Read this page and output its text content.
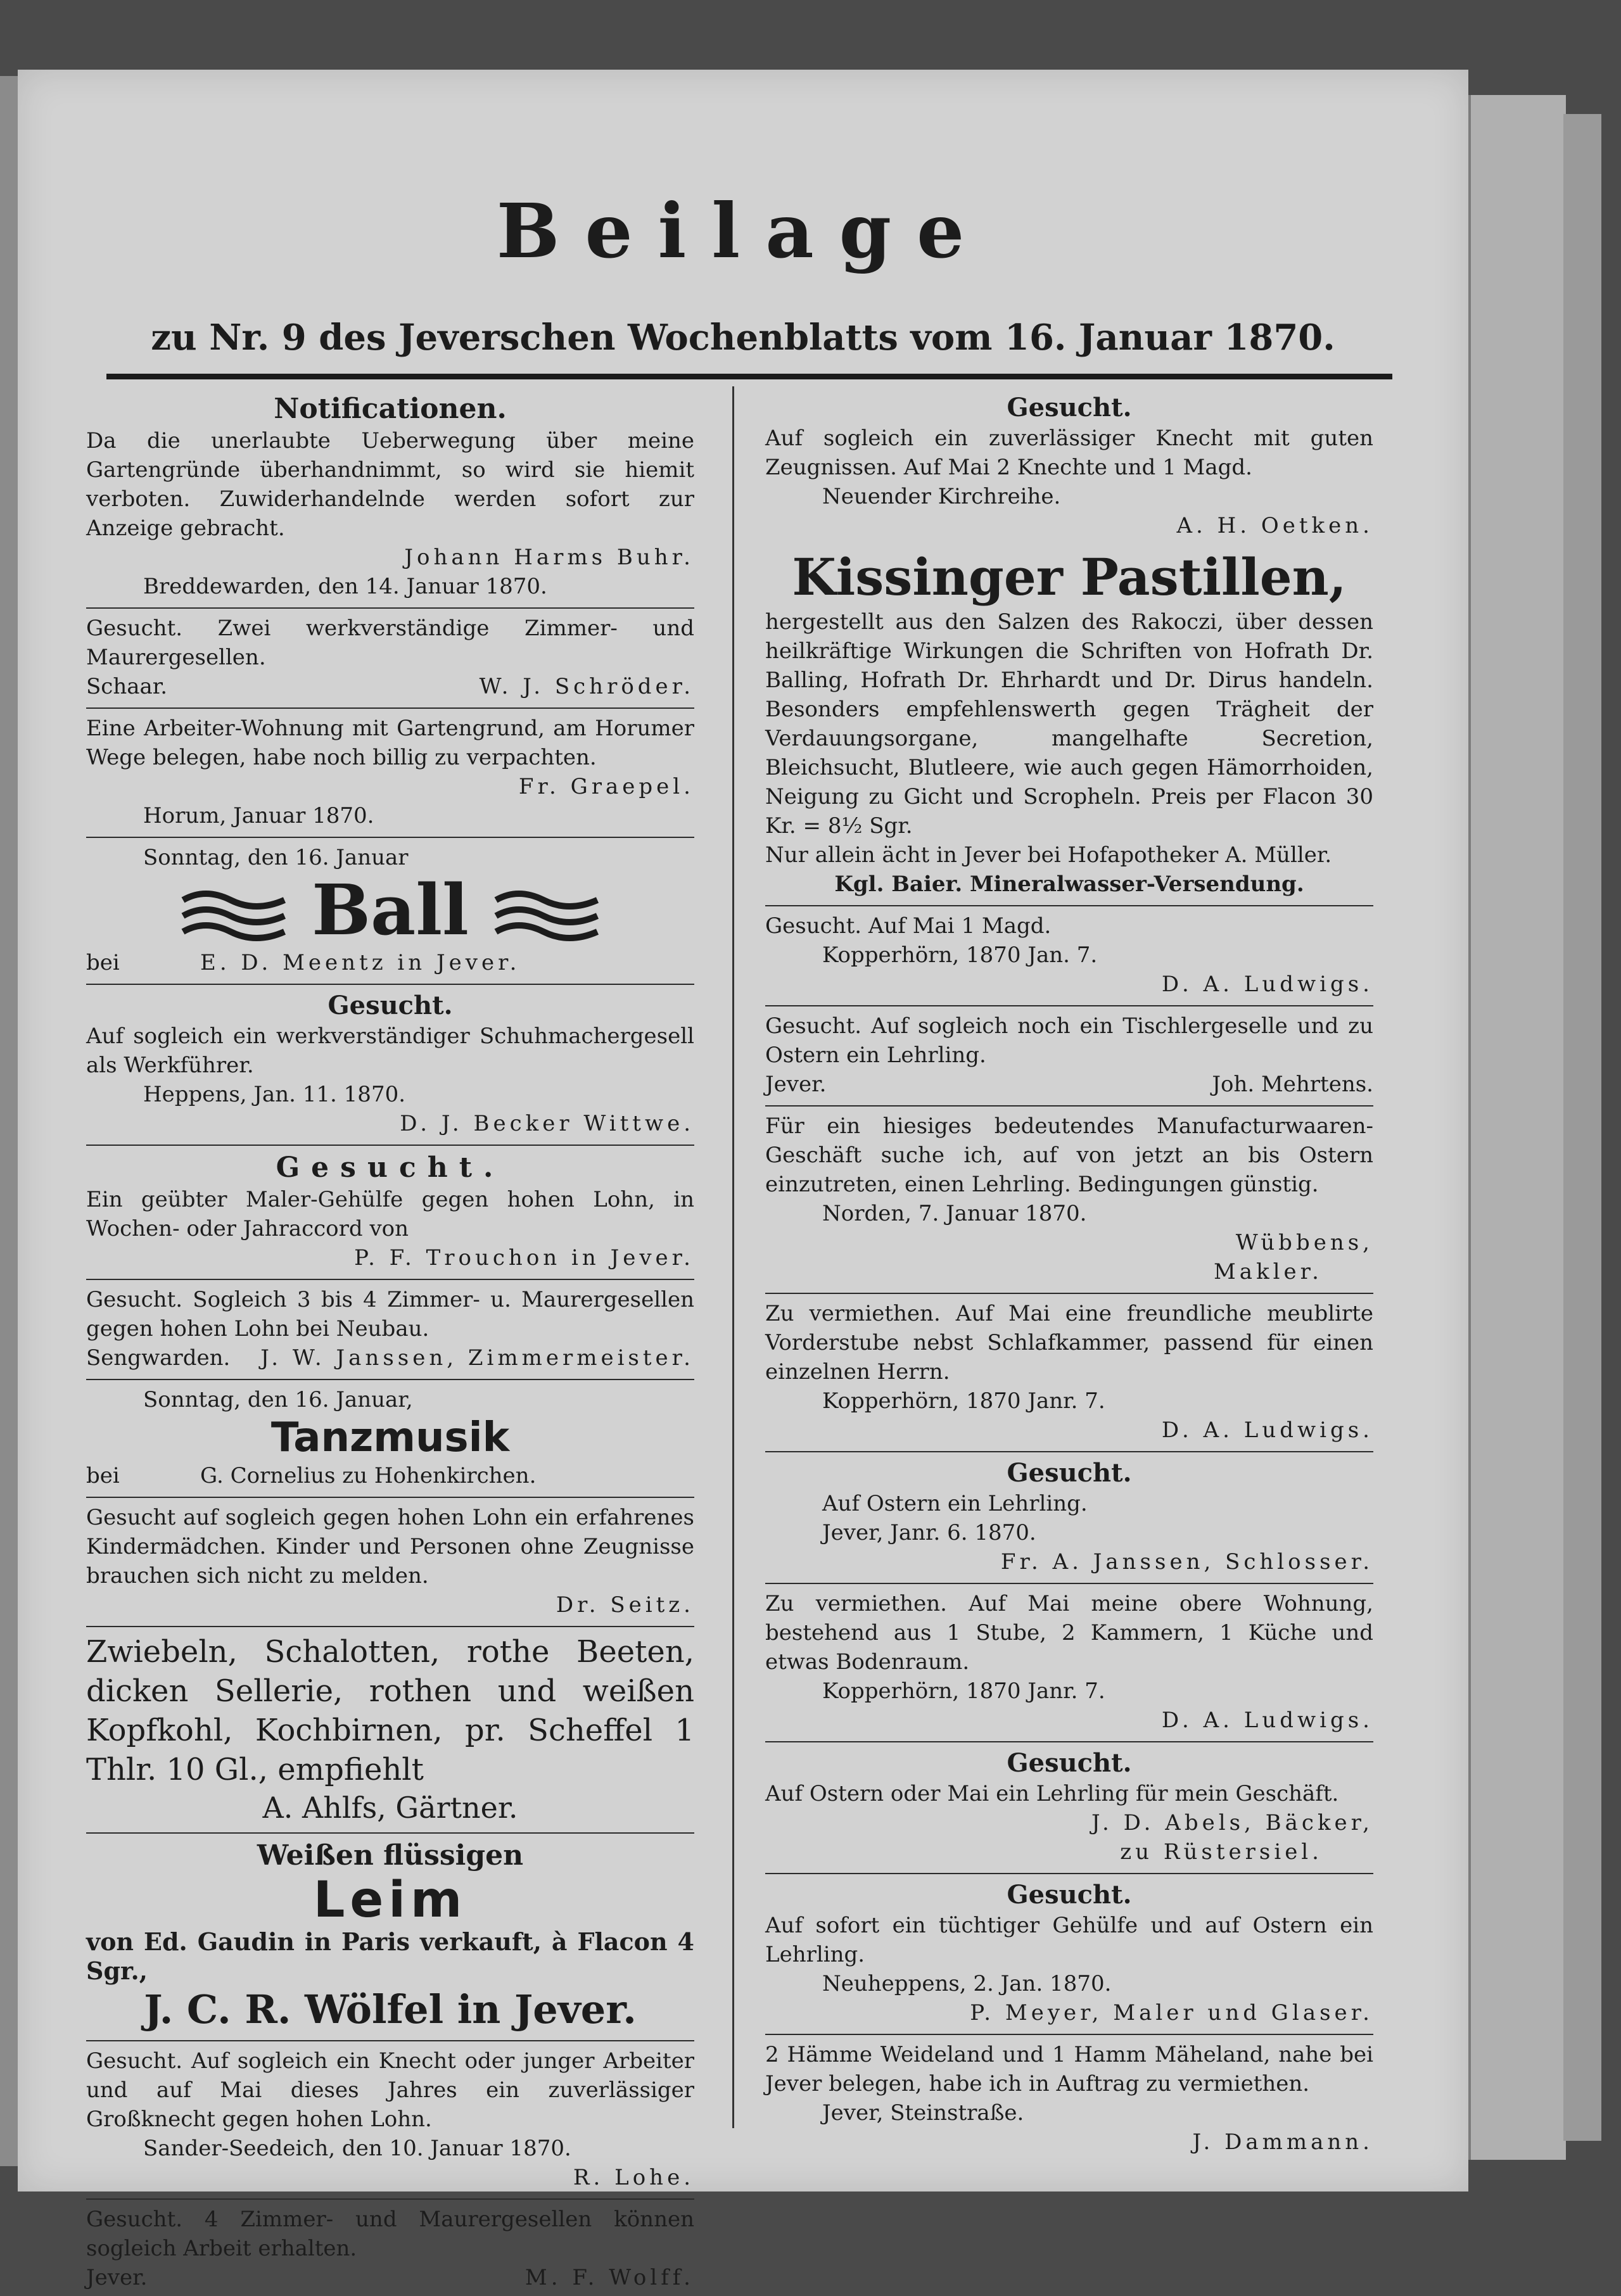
Beilage
zu Nr. 9 des Jeverschen Wochenblatts vom 16. Januar 1870.
Notificationen.
Da die unerlaubte Ueberwegung über meine Gartengründe überhandnimmt, so wird sie hiemit verboten. Zuwiderhandelnde werden sofort zur Anzeige gebracht.
Johann Harms Buhr.
Breddewarden, den 14. Januar 1870.
Gesucht. Zwei werkverständige Zimmer- und Maurergesellen.
Schaar.	W. J. Schröder.
Eine Arbeiter-Wohnung mit Gartengrund, am Horumer Wege belegen, habe noch billig zu verpachten.
Fr. Graepel.
Horum, Januar 1870.
Sonntag, den 16. Januar
Ball
bei	E. D. Meentz in Jever.
Gesucht.
Auf sogleich ein werkverständiger Schuhmachergesell als Werkführer.
Heppens, Jan. 11. 1870.
D. J. Becker Wittwe.
Gesucht.
Ein geübter Maler-Gehülfe gegen hohen Lohn, in Wochen- oder Jahraccord von
P. F. Trouchon in Jever.
Gesucht. Sogleich 3 bis 4 Zimmer- u. Maurergesellen gegen hohen Lohn bei Neubau.
Sengwarden. J. W. Janssen, Zimmermeister.
Sonntag, den 16. Januar,
Tanzmusik
bei	G. Cornelius zu Hohenkirchen.
Gesucht auf sogleich gegen hohen Lohn ein erfahrenes Kindermädchen. Kinder und Personen ohne Zeugnisse brauchen sich nicht zu melden.
Dr. Seitz.
Zwiebeln, Schalotten, rothe Beeten, dicken Sellerie, rothen und weißen Kopfkohl, Kochbirnen, pr. Scheffel 1 Thlr. 10 Gl., empfiehlt
A. Ahlfs, Gärtner.
Weißen flüssigen
Leim
von Ed. Gaudin in Paris verkauft, à Flacon 4 Sgr.,
J. C. R. Wölfel in Jever.
Gesucht. Auf sogleich ein Knecht oder junger Arbeiter und auf Mai dieses Jahres ein zuverlässiger Großknecht gegen hohen Lohn.
Sander-Seedeich, den 10. Januar 1870.
R. Lohe.
Gesucht. 4 Zimmer- und Maurergesellen können sogleich Arbeit erhalten.
Jever.	M. F. Wolff.
Gesucht.
Auf sogleich ein zuverlässiger Knecht mit guten Zeugnissen. Auf Mai 2 Knechte und 1 Magd.
Neuender Kirchreihe.
A. H. Oetken.
Kissinger Pastillen,
hergestellt aus den Salzen des Rakoczi, über dessen heilkräftige Wirkungen die Schriften von Hofrath Dr. Balling, Hofrath Dr. Ehrhardt und Dr. Dirus handeln. Besonders empfehlenswerth gegen Trägheit der Verdauungsorgane, mangelhafte Secretion, Bleichsucht, Blutleere, wie auch gegen Hämorrhoiden, Neigung zu Gicht und Scropheln. Preis per Flacon 30 Kr. = 8½ Sgr.
Nur allein ächt in Jever bei Hofapotheker A. Müller.
Kgl. Baier. Mineralwasser-Versendung.
Gesucht. Auf Mai 1 Magd.
Kopperhörn, 1870 Jan. 7.
D. A. Ludwigs.
Gesucht. Auf sogleich noch ein Tischlergeselle und zu Ostern ein Lehrling.
Jever.	Joh. Mehrtens.
Für ein hiesiges bedeutendes Manufacturwaaren-Geschäft suche ich, auf von jetzt an bis Ostern einzutreten, einen Lehrling. Bedingungen günstig.
Norden, 7. Januar 1870.
Wübbens,
Makler.
Zu vermiethen. Auf Mai eine freundliche meublirte Vorderstube nebst Schlafkammer, passend für einen einzelnen Herrn.
Kopperhörn, 1870 Janr. 7.
D. A. Ludwigs.
Gesucht.
Auf Ostern ein Lehrling.
Jever, Janr. 6. 1870.
Fr. A. Janssen, Schlosser.
Zu vermiethen. Auf Mai meine obere Wohnung, bestehend aus 1 Stube, 2 Kammern, 1 Küche und etwas Bodenraum.
Kopperhörn, 1870 Janr. 7.
D. A. Ludwigs.
Gesucht.
Auf Ostern oder Mai ein Lehrling für mein Geschäft.
J. D. Abels, Bäcker,
zu Rüstersiel.
Gesucht.
Auf sofort ein tüchtiger Gehülfe und auf Ostern ein Lehrling.
Neuheppens, 2. Jan. 1870.
P. Meyer, Maler und Glaser.
2 Hämme Weideland und 1 Hamm Mäheland, nahe bei Jever belegen, habe ich in Auftrag zu vermiethen.
Jever, Steinstraße.
J. Dammann.
